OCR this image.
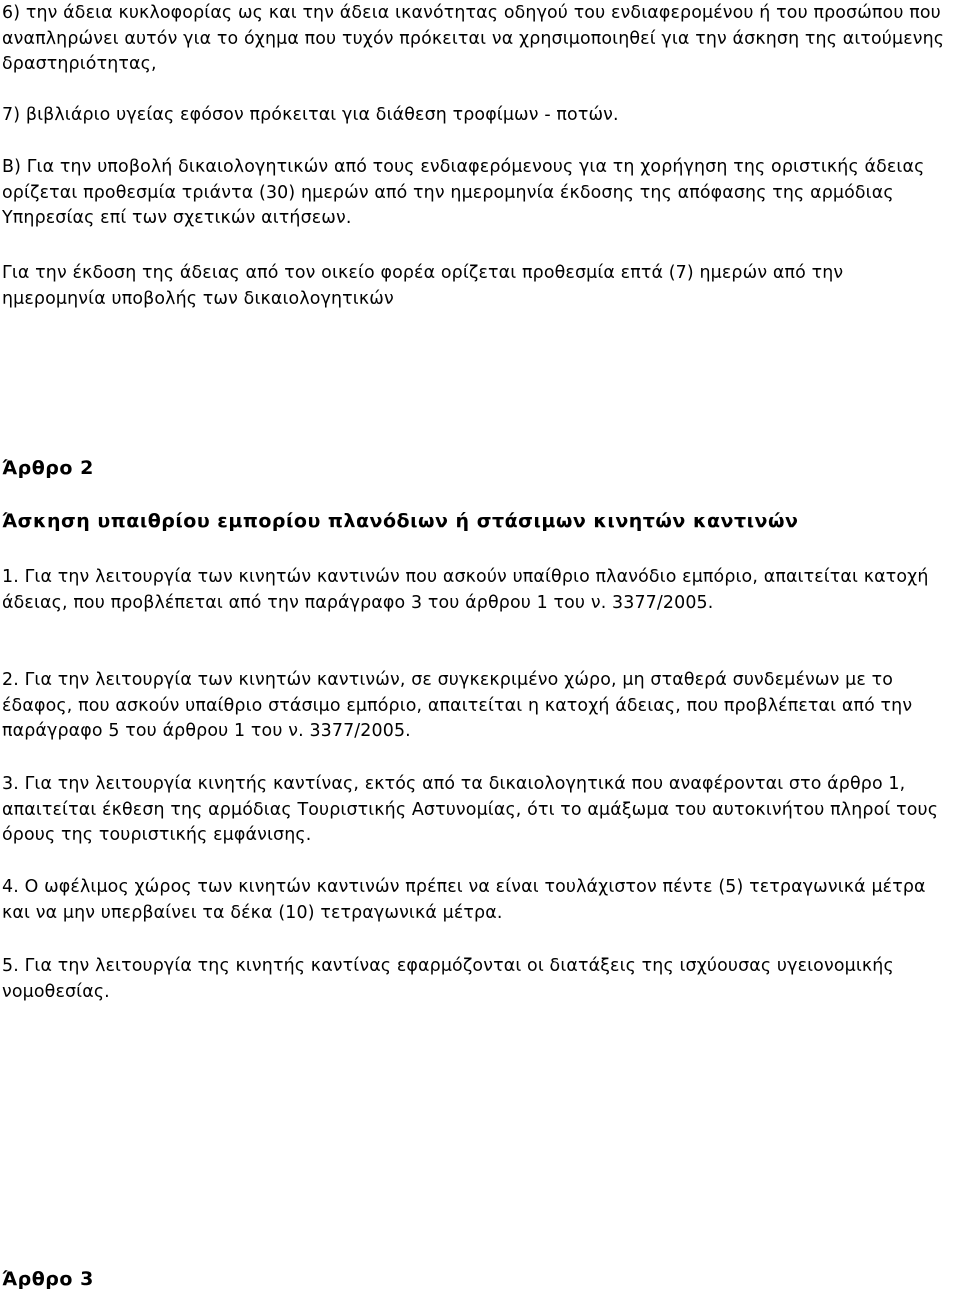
6) την άδεια κυκλοφορίας ως και την άδεια ικανότητας οδηγού του ενδιαφερομένου ή του προσώπου που αναπληρώνει αυτόν για το όχημα που τυχόν πρόκειται να χρησιμοποιηθεί για την άσκηση της αιτούμενης δραστηριότητας,

7) βιβλιάριο υγείας εφόσον πρόκειται για διάθεση τροφίμων - ποτών.

Β) Για την υποβολή δικαιολογητικών από τους ενδιαφερόμενους για τη χορήγηση της οριστικής άδειας ορίζεται προθεσμία τριάντα (30) ημερών από την ημερομηνία έκδοσης της απόφασης της αρμόδιας Υπηρεσίας επί των σχετικών αιτήσεων.

Για την έκδοση της άδειας από τον οικείο φορέα ορίζεται προθεσμία επτά (7) ημερών από την ημερομηνία υποβολής των δικαιολογητικών

Άρθρο 2
Άσκηση υπαιθρίου εμπορίου πλανόδιων ή στάσιμων κινητών καντινών

1. Για την λειτουργία των κινητών καντινών που ασκούν υπαίθριο πλανόδιο εμπόριο, απαιτείται κατοχή άδειας, που προβλέπεται από την παράγραφο 3 του άρθρου 1 του ν. 3377/2005.

2. Για την λειτουργία των κινητών καντινών, σε συγκεκριμένο χώρο, μη σταθερά συνδεμένων με το έδαφος, που ασκούν υπαίθριο στάσιμο εμπόριο, απαιτείται η κατοχή άδειας, που προβλέπεται από την παράγραφο 5 του άρθρου 1 του ν. 3377/2005.

3. Για την λειτουργία κινητής καντίνας, εκτός από τα δικαιολογητικά που αναφέρονται στο άρθρο 1, απαιτείται έκθεση της αρμόδιας Τουριστικής Αστυνομίας, ότι το αμάξωμα του αυτοκινήτου πληροί τους όρους της τουριστικής εμφάνισης.

4. Ο ωφέλιμος χώρος των κινητών καντινών πρέπει να είναι τουλάχιστον πέντε (5) τετραγωνικά μέτρα και να μην υπερβαίνει τα δέκα (10) τετραγωνικά μέτρα.

5. Για την λειτουργία της κινητής καντίνας εφαρμόζονται οι διατάξεις της ισχύουσας υγειονομικής νομοθεσίας.

Άρθρο 3
